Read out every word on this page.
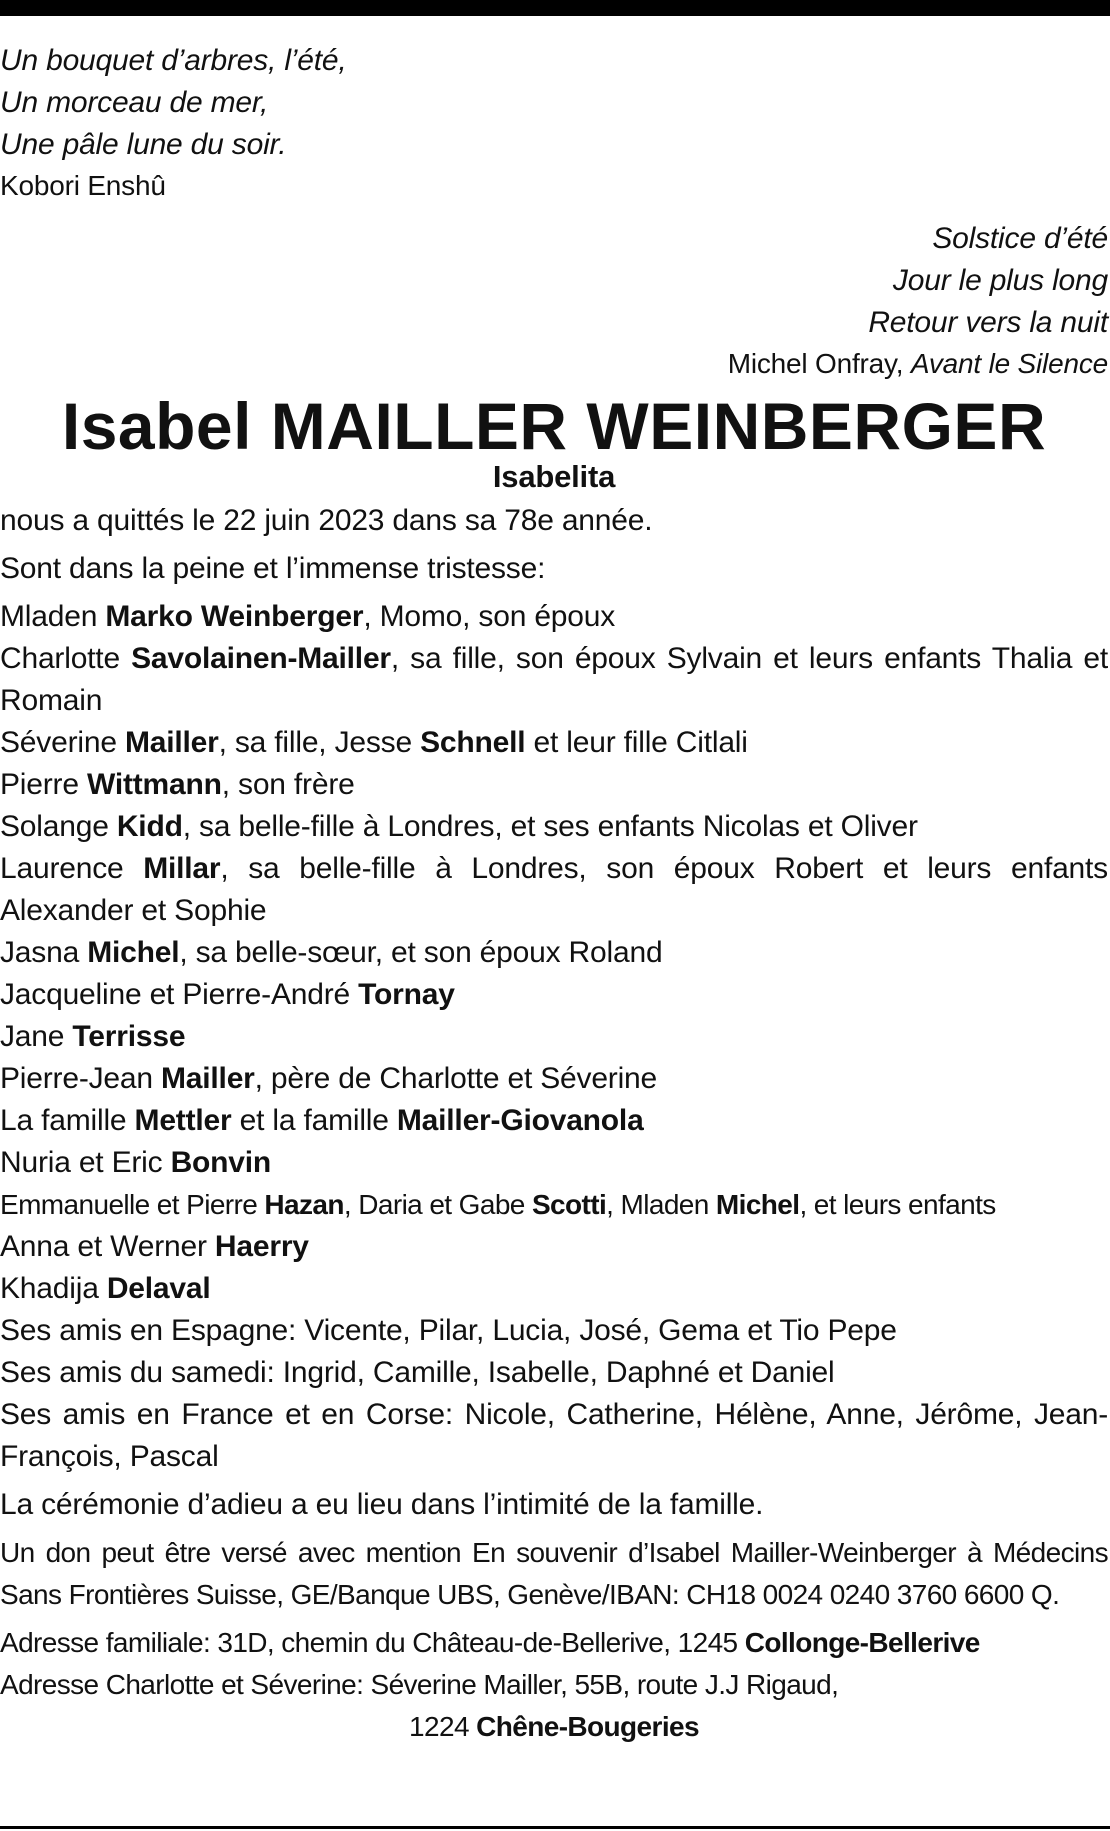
Un bouquet d’arbres, l’été,

Un morceau de mer,

Une pâle lune du soir.

Kobori Enshû

Solstice d’été

Jour le plus long

Retour vers la nuit

Michel Onfray, Avant le Silence

Isabel MAILLER WEINBERGER
Isabelita

nous a quittés le 22 juin 2023 dans sa 78e année.

Sont dans la peine et l’immense tristesse:

Mladen Marko Weinberger, Momo, son époux

Charlotte Savolainen-Mailler, sa fille, son époux Sylvain et leurs enfants Thalia et Romain

Séverine Mailler, sa fille, Jesse Schnell et leur fille Citlali

Pierre Wittmann, son frère

Solange Kidd, sa belle-fille à Londres, et ses enfants Nicolas et Oliver

Laurence Millar, sa belle-fille à Londres, son époux Robert et leurs enfants Alexander et Sophie

Jasna Michel, sa belle-sœur, et son époux Roland

Jacqueline et Pierre-André Tornay

Jane Terrisse

Pierre-Jean Mailler, père de Charlotte et Séverine

La famille Mettler et la famille Mailler-Giovanola

Nuria et Eric Bonvin

Emmanuelle et Pierre Hazan, Daria et Gabe Scotti, Mladen Michel, et leurs enfants

Anna et Werner Haerry

Khadija Delaval

Ses amis en Espagne: Vicente, Pilar, Lucia, José, Gema et Tio Pepe

Ses amis du samedi: Ingrid, Camille, Isabelle, Daphné et Daniel

Ses amis en France et en Corse: Nicole, Catherine, Hélène, Anne, Jérôme, Jean-François, Pascal

La cérémonie d’adieu a eu lieu dans l’intimité de la famille.

Un don peut être versé avec mention En souvenir d’Isabel Mailler-Weinberger à Médecins Sans Frontières Suisse, GE/Banque UBS, Genève/IBAN: CH18 0024 0240 3760 6600 Q.

Adresse familiale: 31D, chemin du Château-de-Bellerive, 1245 Collonge-Bellerive

Adresse Charlotte et Séverine: Séverine Mailler, 55B, route J.J Rigaud,

1224 Chêne-Bougeries
